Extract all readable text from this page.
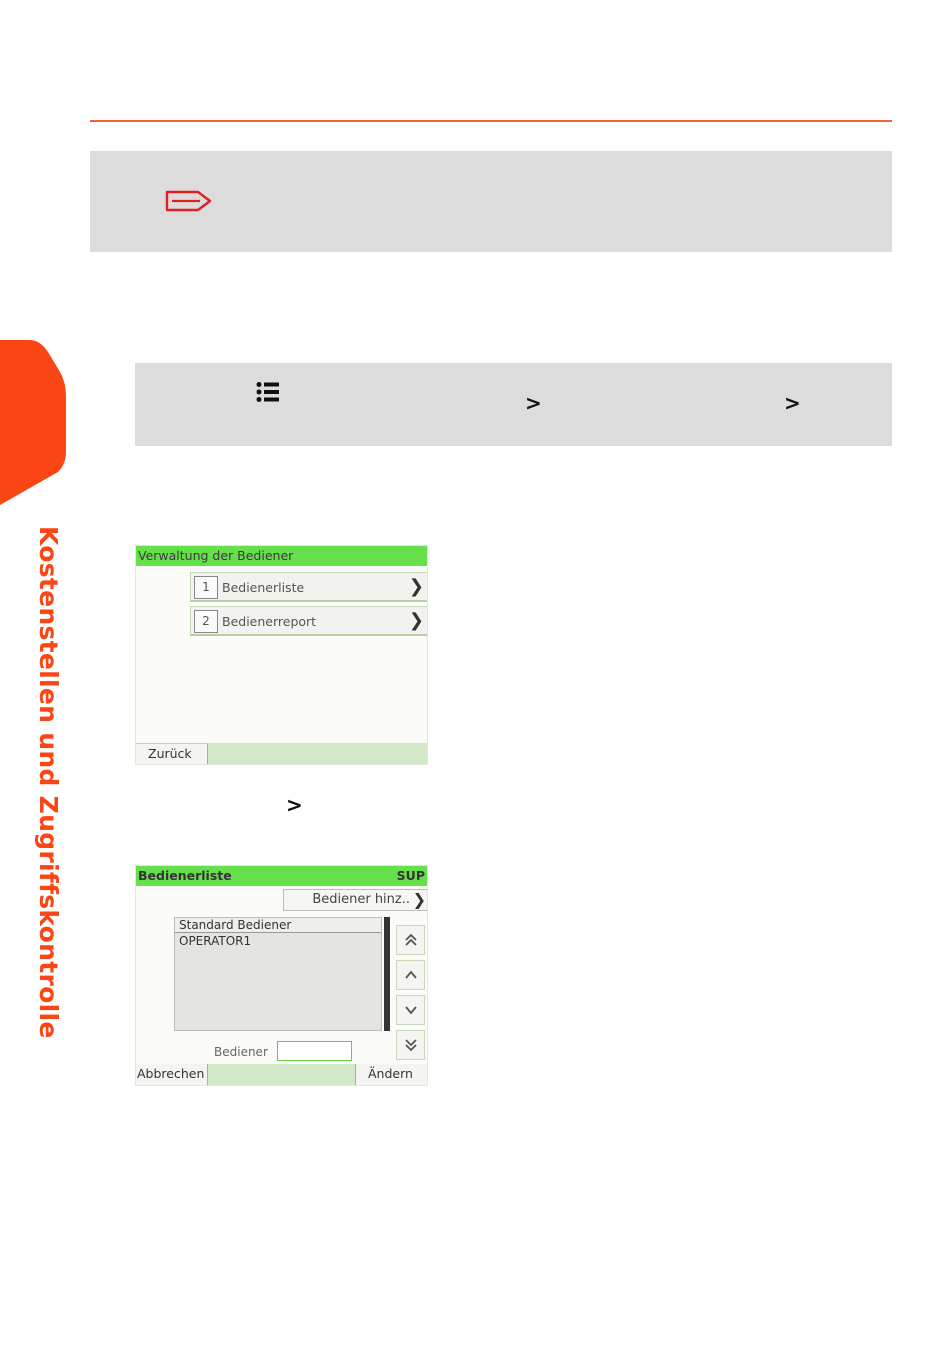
Kostenstellen und Zugriffskontrolle
>	>
Verwaltung der Bediener
1 Bedienerliste	❯
2 Bedienerreport	❯
Zurück
>
Bedienerliste	SUP
Bediener hinz.. ❯
Standard Bediener
OPERATOR1
Bediener
Abbrechen	Ändern
